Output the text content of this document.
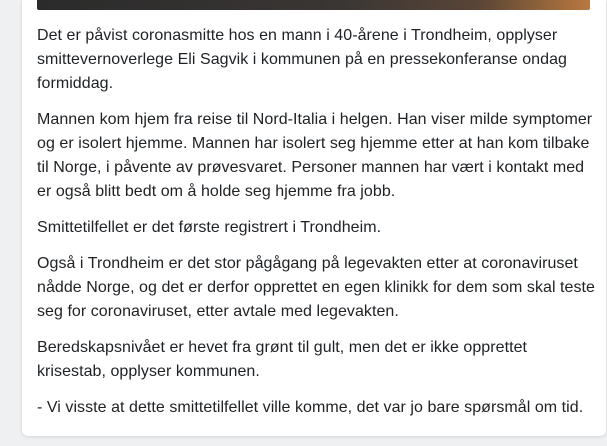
Det er påvist coronasmitte hos en mann i 40-årene i Trondheim, opplyser smittevernoverlege Eli Sagvik i kommunen på en pressekonferanse ondag formiddag.

Mannen kom hjem fra reise til Nord-Italia i helgen. Han viser milde symptomer og er isolert hjemme. Mannen har isolert seg hjemme etter at han kom tilbake til Norge, i påvente av prøvesvaret. Personer mannen har vært i kontakt med er også blitt bedt om å holde seg hjemme fra jobb.

Smittetilfellet er det første registrert i Trondheim.

Også i Trondheim er det stor pågågang på legevakten etter at coronaviruset nådde Norge, og det er derfor opprettet en egen klinikk for dem som skal teste seg for coronaviruset, etter avtale med legevakten.

Beredskapsnivået er hevet fra grønt til gult, men det er ikke opprettet krisestab, opplyser kommunen.

- Vi visste at dette smittetilfellet ville komme, det var jo bare spørsmål om tid.
